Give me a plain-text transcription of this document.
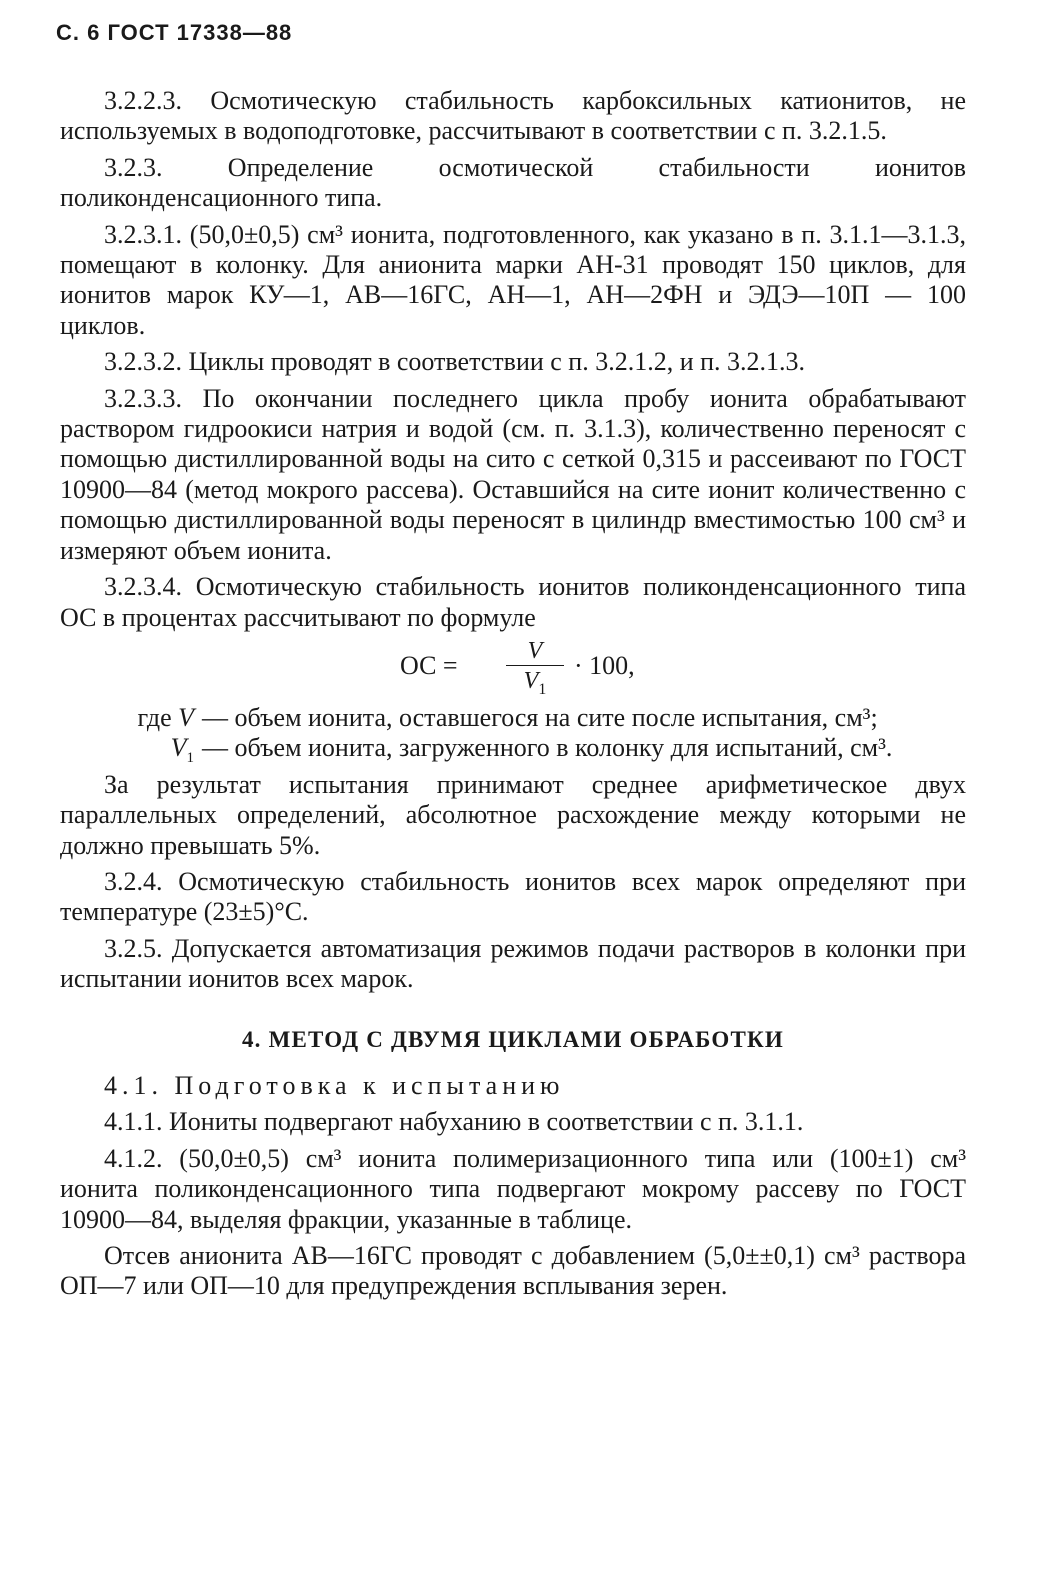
С. 6 ГОСТ 17338—88

3.2.2.3. Осмотическую стабильность карбоксильных катионитов, не используемых в водоподготовке, рассчитывают в соответствии с п. 3.2.1.5.

3.2.3. Определение осмотической стабильности ионитов поликонденсационного типа.

3.2.3.1. (50,0±0,5) см³ ионита, подготовленного, как указано в п. 3.1.1—3.1.3, помещают в колонку. Для анионита марки АН-31 проводят 150 циклов, для ионитов марок КУ—1, АВ—16ГС, АН—1, АН—2ФН и ЭДЭ—10П — 100 циклов.

3.2.3.2. Циклы проводят в соответствии с п. 3.2.1.2, и п. 3.2.1.3.

3.2.3.3. По окончании последнего цикла пробу ионита обрабатывают раствором гидроокиси натрия и водой (см. п. 3.1.3), количественно переносят с помощью дистиллированной воды на сито с сеткой 0,315 и рассеивают по ГОСТ 10900—84 (метод мокрого рассева). Оставшийся на сите ионит количественно с помощью дистиллированной воды переносят в цилиндр вместимостью 100 см³ и измеряют объем ионита.

3.2.3.4. Осмотическую стабильность ионитов поликонденсационного типа ОС в процентах рассчитывают по формуле

ОС =	V
$V_1$
· 100,
где V — объем ионита, оставшегося на сите после испытания, см³;
$V_1$ — объем ионита, загруженного в колонку для испытаний, см³.

За результат испытания принимают среднее арифметическое двух параллельных определений, абсолютное расхождение между которыми не должно превышать 5%.

3.2.4. Осмотическую стабильность ионитов всех марок определяют при температуре (23±5)°С.

3.2.5. Допускается автоматизация режимов подачи растворов в колонки при испытании ионитов всех марок.

4. МЕТОД С ДВУМЯ ЦИКЛАМИ ОБРАБОТКИ

4.1. Подготовка к испытанию

4.1.1. Иониты подвергают набуханию в соответствии с п. 3.1.1.

4.1.2. (50,0±0,5) см³ ионита полимеризационного типа или (100±1) см³ ионита поликонденсационного типа подвергают мокрому рассеву по ГОСТ 10900—84, выделяя фракции, указанные в таблице.

Отсев анионита АВ—16ГС проводят с добавлением (5,0±±0,1) см³ раствора ОП—7 или ОП—10 для предупреждения всплывания зерен.
